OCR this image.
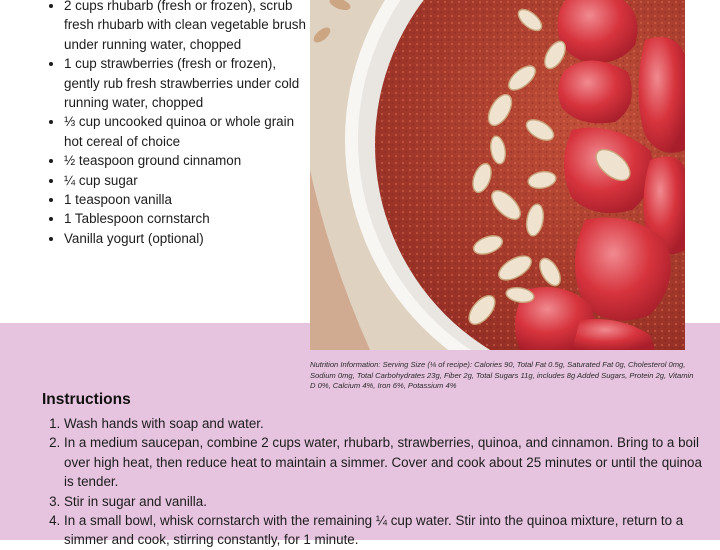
• 2 cups rhubarb (fresh or frozen), scrub fresh rhubarb with clean vegetable brush under running water, chopped
• 1 cup strawberries (fresh or frozen), gently rub fresh strawberries under cold running water, chopped
• ⅓ cup uncooked quinoa or whole grain hot cereal of choice
• ½ teaspoon ground cinnamon
• ¼ cup sugar
• 1 teaspoon vanilla
• 1 Tablespoon cornstarch
• Vanilla yogurt (optional)
Nutrition Information: Serving Size (⅛ of recipe): Calories 90, Total Fat 0.5g, Saturated Fat 0g, Cholesterol 0mg, Sodium 0mg, Total Carbohydrates 23g, Fiber 2g, Total Sugars 11g, includes 8g Added Sugars, Protein 2g, Vitamin D 0%, Calcium 4%, Iron 6%, Potassium 4%
Instructions
1. Wash hands with soap and water.
2. In a medium saucepan, combine 2 cups water, rhubarb, strawberries, quinoa, and cinnamon. Bring to a boil over high heat, then reduce heat to maintain a simmer. Cover and cook about 25 minutes or until the quinoa is tender.
3. Stir in sugar and vanilla.
4. In a small bowl, whisk cornstarch with the remaining ¼ cup water. Stir into the quinoa mixture, return to a simmer and cook, stirring constantly, for 1 minute.
